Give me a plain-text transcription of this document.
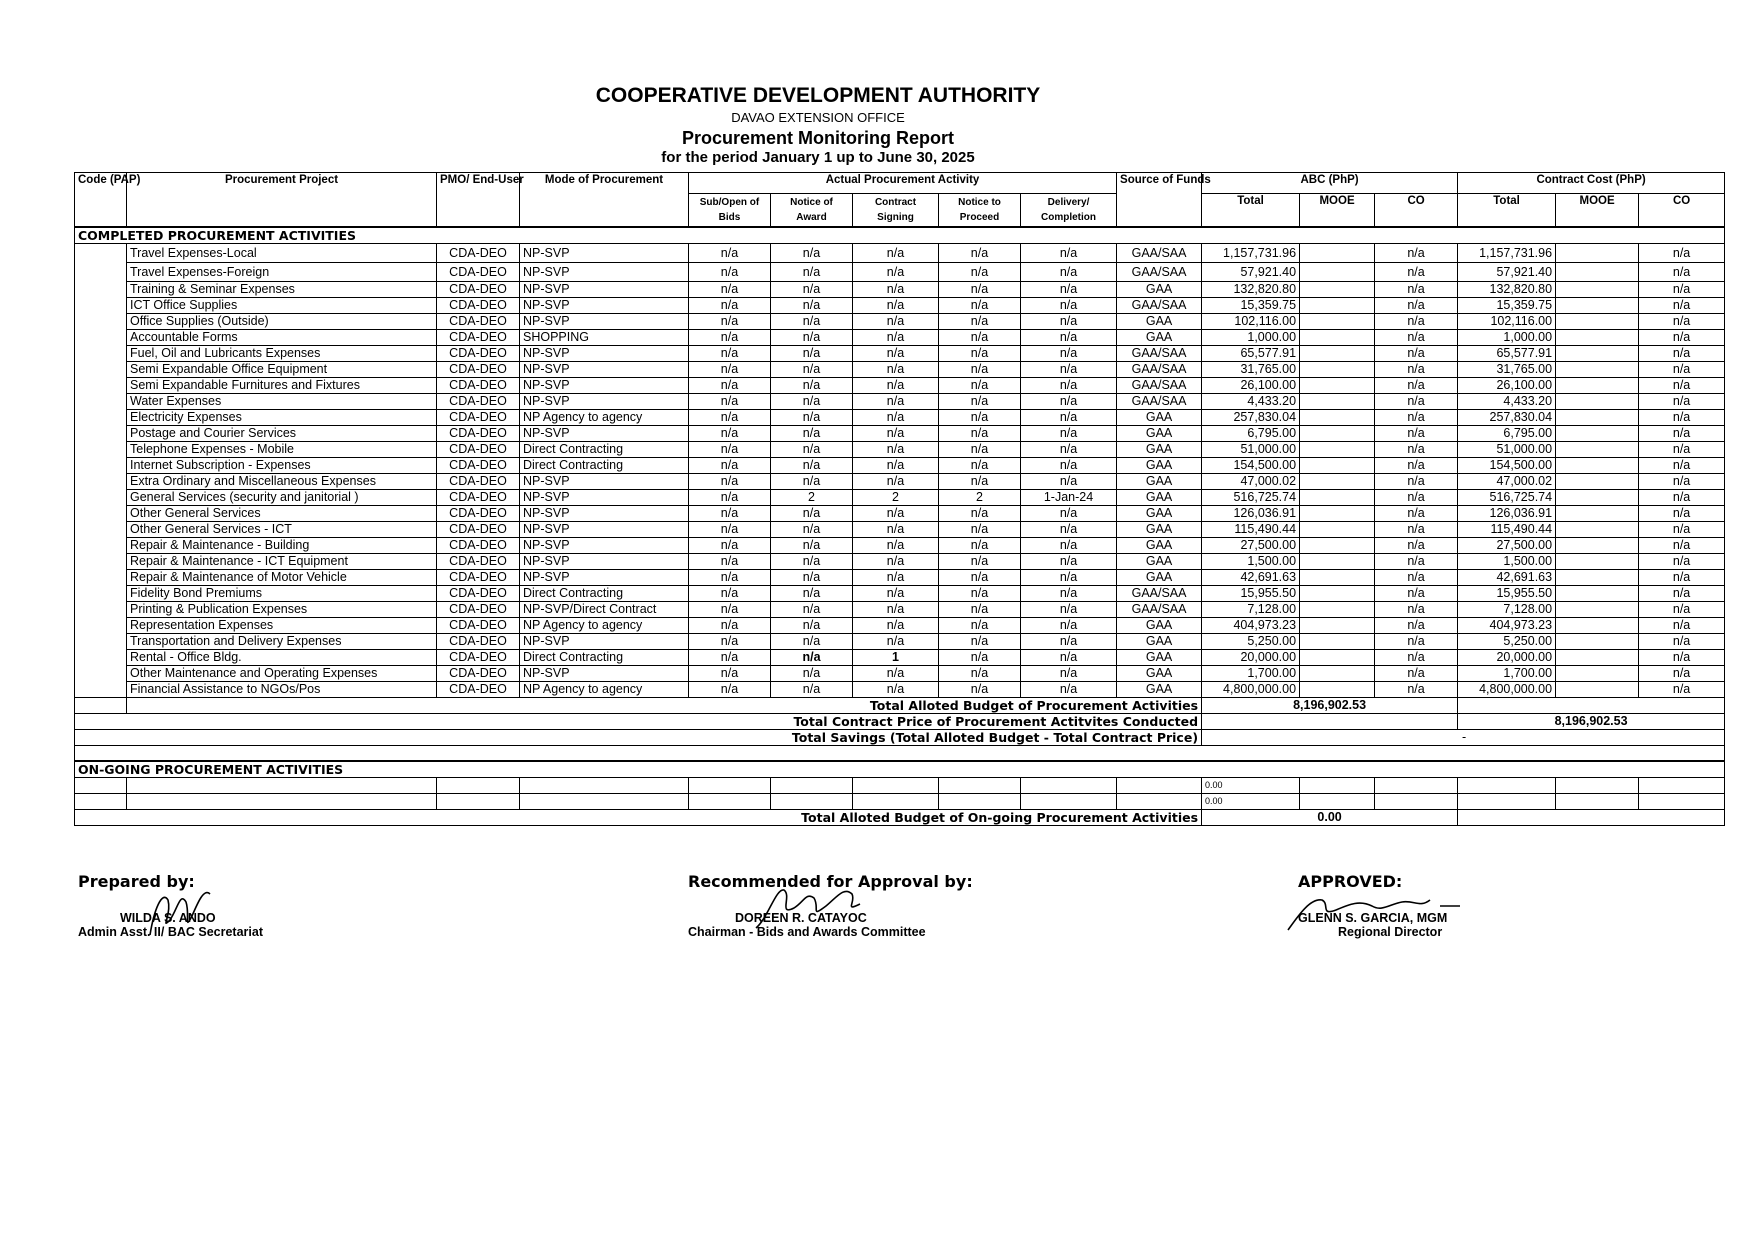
COOPERATIVE DEVELOPMENT AUTHORITY
DAVAO EXTENSION OFFICE
Procurement Monitoring Report
for the period January 1 up to June 30, 2025
Code (PAP)	Procurement Project	PMO/ End-User	Mode of Procurement	Actual Procurement Activity					Source of Funds	ABC (PhP)			Contract Cost (PhP)		
				Sub/Open of Bids	Notice of Award	Contract Signing	Notice to Proceed	Delivery/ Completion		Total	MOOE	CO	Total	MOOE	CO
COMPLETED PROCUREMENT ACTIVITIES															
	Travel Expenses-Local	CDA-DEO	NP-SVP	n/a	n/a	n/a	n/a	n/a	GAA/SAA	1,157,731.96		n/a	1,157,731.96		n/a
	Travel Expenses-Foreign	CDA-DEO	NP-SVP	n/a	n/a	n/a	n/a	n/a	GAA/SAA	57,921.40		n/a	57,921.40		n/a
	Training & Seminar Expenses	CDA-DEO	NP-SVP	n/a	n/a	n/a	n/a	n/a	GAA	132,820.80		n/a	132,820.80		n/a
	ICT Office Supplies	CDA-DEO	NP-SVP	n/a	n/a	n/a	n/a	n/a	GAA/SAA	15,359.75		n/a	15,359.75		n/a
	Office Supplies (Outside)	CDA-DEO	NP-SVP	n/a	n/a	n/a	n/a	n/a	GAA	102,116.00		n/a	102,116.00		n/a
	Accountable Forms	CDA-DEO	SHOPPING	n/a	n/a	n/a	n/a	n/a	GAA	1,000.00		n/a	1,000.00		n/a
	Fuel, Oil and Lubricants Expenses	CDA-DEO	NP-SVP	n/a	n/a	n/a	n/a	n/a	GAA/SAA	65,577.91		n/a	65,577.91		n/a
	Semi Expandable Office Equipment	CDA-DEO	NP-SVP	n/a	n/a	n/a	n/a	n/a	GAA/SAA	31,765.00		n/a	31,765.00		n/a
	Semi Expandable Furnitures and Fixtures	CDA-DEO	NP-SVP	n/a	n/a	n/a	n/a	n/a	GAA/SAA	26,100.00		n/a	26,100.00		n/a
	Water Expenses	CDA-DEO	NP-SVP	n/a	n/a	n/a	n/a	n/a	GAA/SAA	4,433.20		n/a	4,433.20		n/a
	Electricity Expenses	CDA-DEO	NP Agency to agency	n/a	n/a	n/a	n/a	n/a	GAA	257,830.04		n/a	257,830.04		n/a
	Postage and Courier Services	CDA-DEO	NP-SVP	n/a	n/a	n/a	n/a	n/a	GAA	6,795.00		n/a	6,795.00		n/a
	Telephone Expenses - Mobile	CDA-DEO	Direct Contracting	n/a	n/a	n/a	n/a	n/a	GAA	51,000.00		n/a	51,000.00		n/a
	Internet Subscription - Expenses	CDA-DEO	Direct Contracting	n/a	n/a	n/a	n/a	n/a	GAA	154,500.00		n/a	154,500.00		n/a
	Extra Ordinary and Miscellaneous Expenses	CDA-DEO	NP-SVP	n/a	n/a	n/a	n/a	n/a	GAA	47,000.02		n/a	47,000.02		n/a
	General Services (security and janitorial )	CDA-DEO	NP-SVP	n/a	2	2	2	1-Jan-24	GAA	516,725.74		n/a	516,725.74		n/a
	Other General Services	CDA-DEO	NP-SVP	n/a	n/a	n/a	n/a	n/a	GAA	126,036.91		n/a	126,036.91		n/a
	Other General Services - ICT	CDA-DEO	NP-SVP	n/a	n/a	n/a	n/a	n/a	GAA	115,490.44		n/a	115,490.44		n/a
	Repair & Maintenance - Building	CDA-DEO	NP-SVP	n/a	n/a	n/a	n/a	n/a	GAA	27,500.00		n/a	27,500.00		n/a
	Repair & Maintenance - ICT Equipment	CDA-DEO	NP-SVP	n/a	n/a	n/a	n/a	n/a	GAA	1,500.00		n/a	1,500.00		n/a
	Repair & Maintenance of Motor Vehicle	CDA-DEO	NP-SVP	n/a	n/a	n/a	n/a	n/a	GAA	42,691.63		n/a	42,691.63		n/a
	Fidelity Bond Premiums	CDA-DEO	Direct Contracting	n/a	n/a	n/a	n/a	n/a	GAA/SAA	15,955.50		n/a	15,955.50		n/a
	Printing & Publication Expenses	CDA-DEO	NP-SVP/Direct Contract	n/a	n/a	n/a	n/a	n/a	GAA/SAA	7,128.00		n/a	7,128.00		n/a
	Representation Expenses	CDA-DEO	NP Agency to agency	n/a	n/a	n/a	n/a	n/a	GAA	404,973.23		n/a	404,973.23		n/a
	Transportation and Delivery Expenses	CDA-DEO	NP-SVP	n/a	n/a	n/a	n/a	n/a	GAA	5,250.00		n/a	5,250.00		n/a
	Rental - Office Bldg.	CDA-DEO	Direct Contracting	n/a	n/a	1	n/a	n/a	GAA	20,000.00		n/a	20,000.00		n/a
	Other Maintenance and Operating Expenses	CDA-DEO	NP-SVP	n/a	n/a	n/a	n/a	n/a	GAA	1,700.00		n/a	1,700.00		n/a
	Financial Assistance to NGOs/Pos	CDA-DEO	NP Agency to agency	n/a	n/a	n/a	n/a	n/a	GAA	4,800,000.00		n/a	4,800,000.00		n/a
	Total Alloted Budget of Procurement Activities									8,196,902.53					
Total Contract Price of Procurement Actitvites Conducted													8,196,902.53		
Total Savings (Total Alloted Budget - Total Contract Price)										-					

ON-GOING PROCUREMENT ACTIVITIES															
										0.00					
										0.00					
Total Alloted Budget of On-going Procurement Activities										0.00					
Prepared by:
WILDA S. ANDO
Admin Asst. II/ BAC Secretariat
Recommended for Approval by:
DOREEN R. CATAYOC
Chairman - Bids and Awards Committee
APPROVED:
GLENN S. GARCIA, MGM
Regional Director
